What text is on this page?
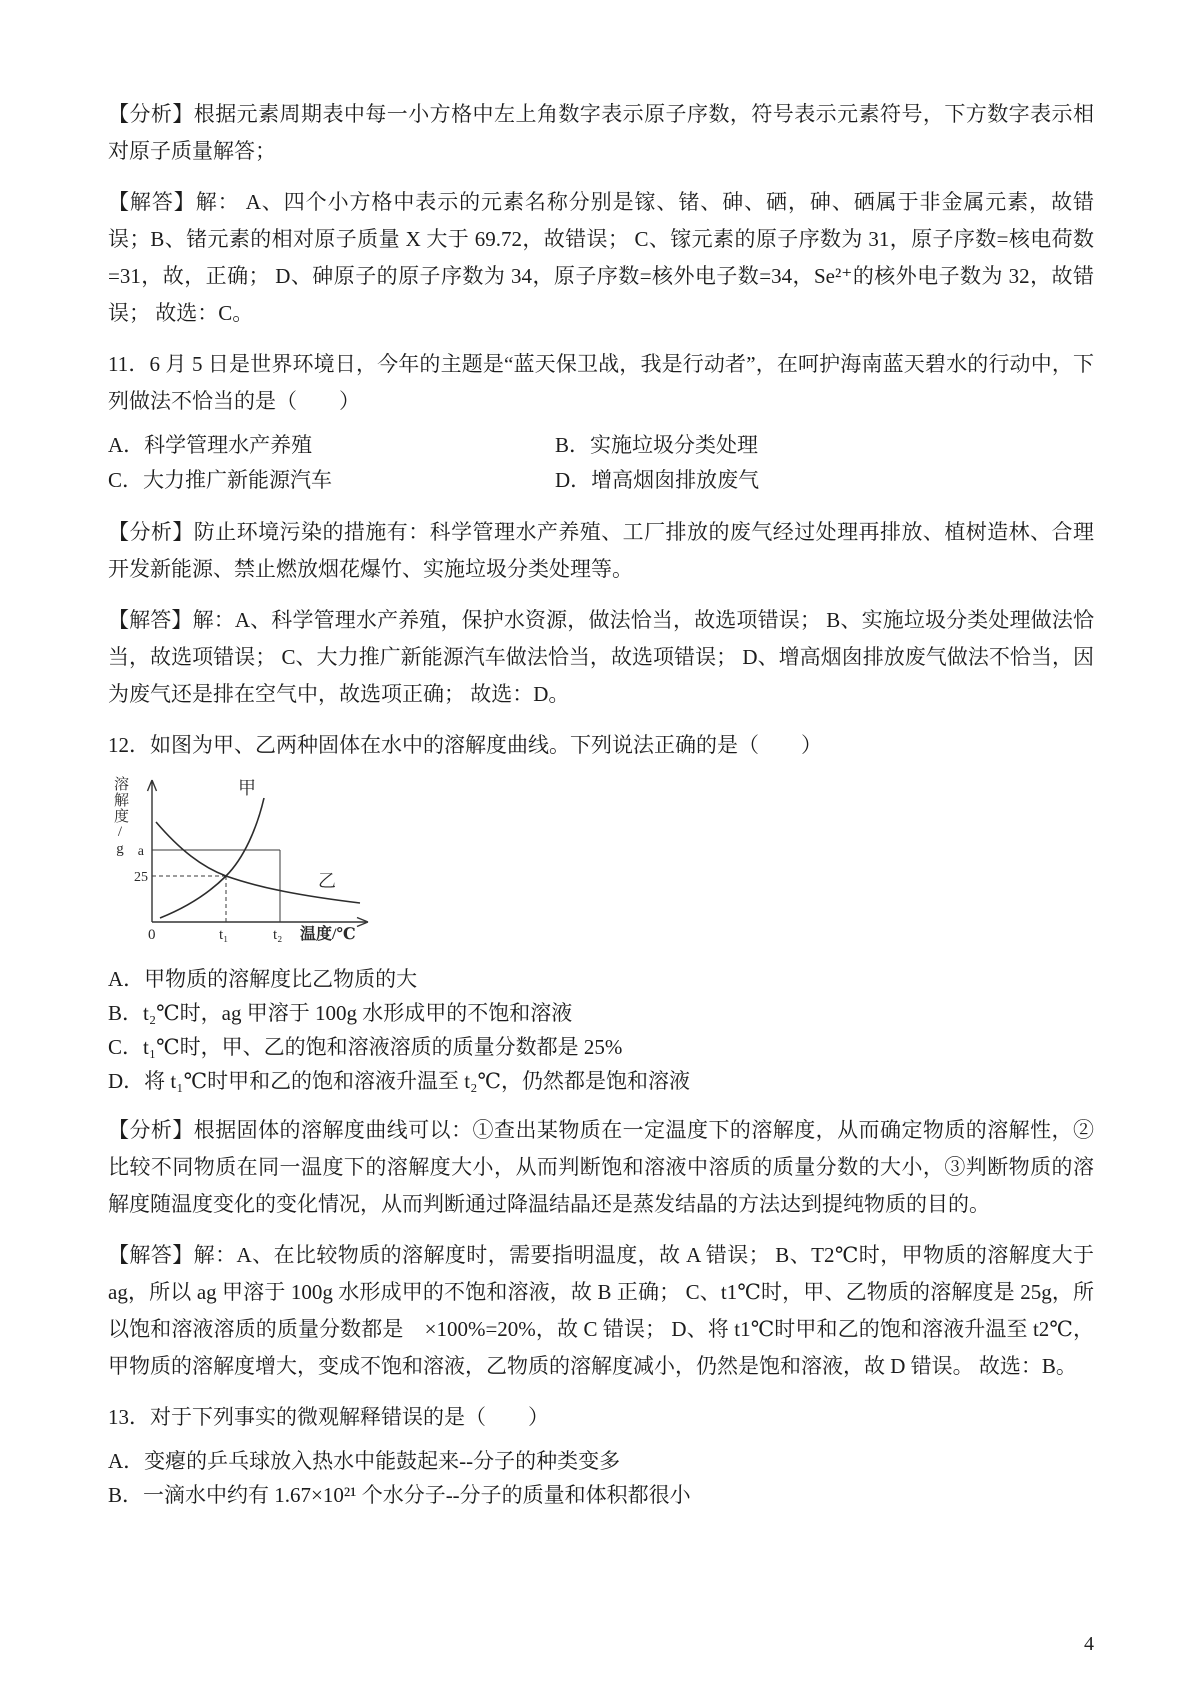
【分析】根据元素周期表中每一小方格中左上角数字表示原子序数，符号表示元素符号，下方数字表示相对原子质量解答；

【解答】解： A、四个小方格中表示的元素名称分别是镓、锗、砷、硒，砷、硒属于非金属元素，故错误；B、锗元素的相对原子质量 X 大于 69.72，故错误； C、镓元素的原子序数为 31，原子序数=核电荷数=31，故，正确； D、砷原子的原子序数为 34，原子序数=核外电子数=34，Se²⁺的核外电子数为 32，故错误； 故选：C。

11．6 月 5 日是世界环境日，今年的主题是“蓝天保卫战，我是行动者”，在呵护海南蓝天碧水的行动中，下列做法不恰当的是（　　）

A．科学管理水产养殖	B．实施垃圾分类处理
C．大力推广新能源汽车	D．增高烟囱排放废气

【分析】防止环境污染的措施有：科学管理水产养殖、工厂排放的废气经过处理再排放、植树造林、合理开发新能源、禁止燃放烟花爆竹、实施垃圾分类处理等。

【解答】解：A、科学管理水产养殖，保护水资源，做法恰当，故选项错误； B、实施垃圾分类处理做法恰当，故选项错误； C、大力推广新能源汽车做法恰当，故选项错误； D、增高烟囱排放废气做法不恰当，因为废气还是排在空气中，故选项正确； 故选：D。

12．如图为甲、乙两种固体在水中的溶解度曲线。下列说法正确的是（　　）

溶解度/g a
25
0	t₁	t₂ 温度/℃
甲
乙

A．甲物质的溶解度比乙物质的大

B．t₂℃时，ag 甲溶于 100g 水形成甲的不饱和溶液

C．t₁℃时，甲、乙的饱和溶液溶质的质量分数都是 25%

D．将 t₁℃时甲和乙的饱和溶液升温至 t₂℃，仍然都是饱和溶液

【分析】根据固体的溶解度曲线可以：①查出某物质在一定温度下的溶解度，从而确定物质的溶解性，②比较不同物质在同一温度下的溶解度大小，从而判断饱和溶液中溶质的质量分数的大小，③判断物质的溶解度随温度变化的变化情况，从而判断通过降温结晶还是蒸发结晶的方法达到提纯物质的目的。

【解答】解：A、在比较物质的溶解度时，需要指明温度，故 A 错误； B、T2℃时，甲物质的溶解度大于 ag，所以 ag 甲溶于 100g 水形成甲的不饱和溶液，故 B 正确； C、t1℃时，甲、乙物质的溶解度是 25g，所以饱和溶液溶质的质量分数都是　×100%=20%，故 C 错误； D、将 t1℃时甲和乙的饱和溶液升温至 t2℃，甲物质的溶解度增大，变成不饱和溶液，乙物质的溶解度减小，仍然是饱和溶液，故 D 错误。 故选：B。

13．对于下列事实的微观解释错误的是（　　）

A．变瘪的乒乓球放入热水中能鼓起来--分子的种类变多

B．一滴水中约有 1.67×10²¹ 个水分子--分子的质量和体积都很小

4
